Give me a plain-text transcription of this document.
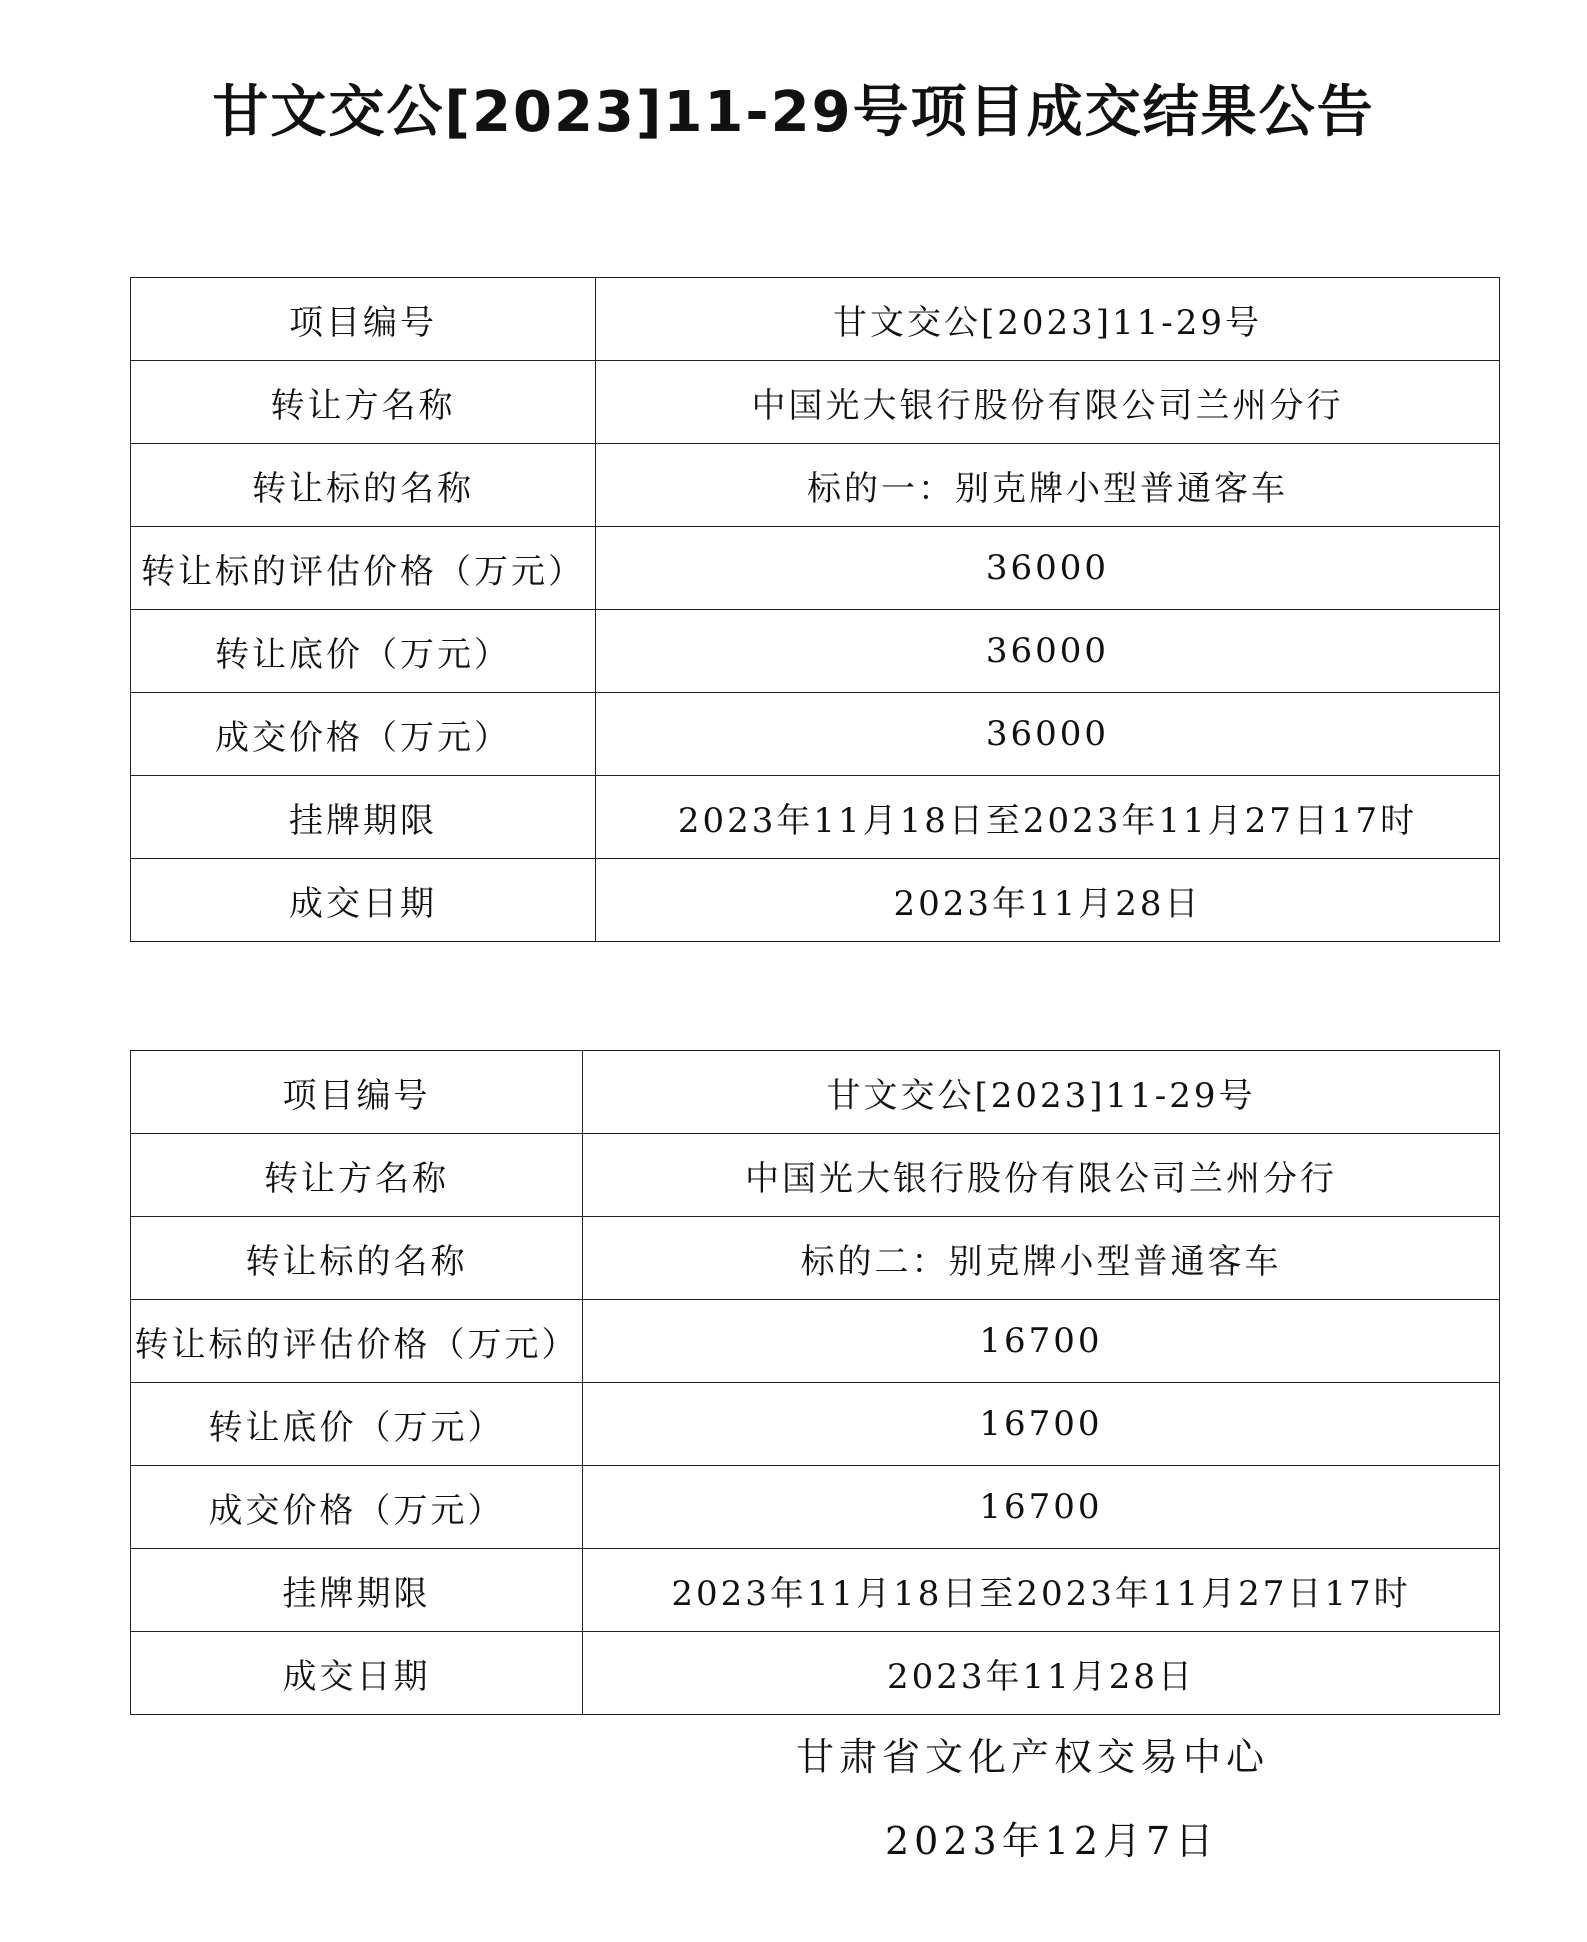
甘文交公[2023]11-29号项目成交结果公告
项目编号	甘文交公[2023]11-29号
转让方名称	中国光大银行股份有限公司兰州分行
转让标的名称	标的一：别克牌小型普通客车
转让标的评估价格（万元）	36000
转让底价（万元）	36000
成交价格（万元）	36000
挂牌期限	2023年11月18日至2023年11月27日17时
成交日期	2023年11月28日
项目编号	甘文交公[2023]11-29号
转让方名称	中国光大银行股份有限公司兰州分行
转让标的名称	标的二：别克牌小型普通客车
转让标的评估价格（万元）	16700
转让底价（万元）	16700
成交价格（万元）	16700
挂牌期限	2023年11月18日至2023年11月27日17时
成交日期	2023年11月28日
甘肃省文化产权交易中心
2023年12月7日
